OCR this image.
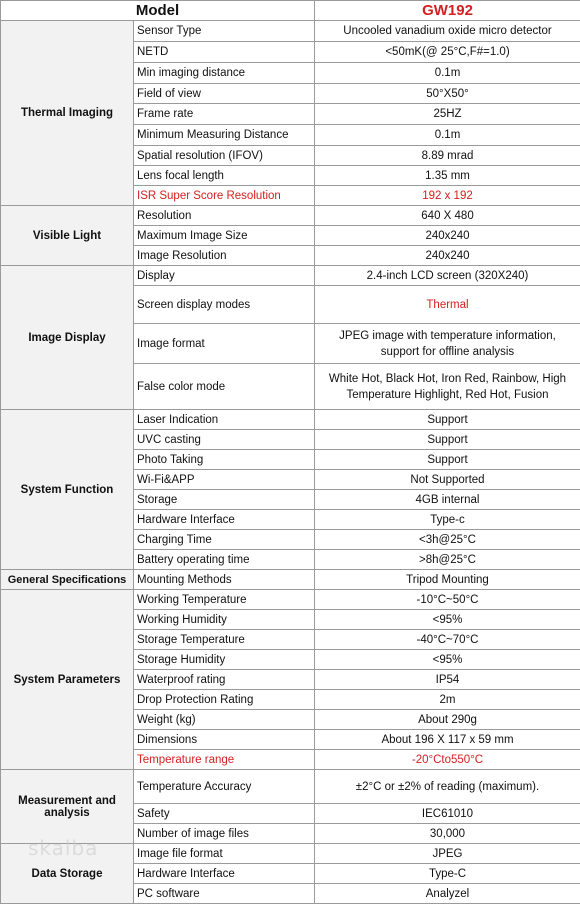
Model		GW192
Thermal Imaging	Sensor Type	Uncooled vanadium oxide micro detector
	NETD	<50mK(@ 25°C,F#=1.0)
	Min imaging distance	0.1m
	Field of view	50°X50°
	Frame rate	25HZ
	Minimum Measuring Distance	0.1m
	Spatial resolution (IFOV)	8.89 mrad
	Lens focal length	1.35 mm
	ISR Super Score Resolution	192 x 192
Visible Light	Resolution	640 X 480
	Maximum Image Size	240x240
	Image Resolution	240x240
Image Display	Display	2.4-inch LCD screen (320X240)
	Screen display modes	Thermal
	Image format	JPEG image with temperature information, support for offline analysis
	False color mode	White Hot, Black Hot, Iron Red, Rainbow, High Temperature Highlight, Red Hot, Fusion
System Function	Laser Indication	Support
	UVC casting	Support
	Photo Taking	Support
	Wi-Fi&APP	Not Supported
	Storage	4GB internal
	Hardware Interface	Type-c
	Charging Time	<3h@25°C
	Battery operating time	>8h@25°C
General Specifications	Mounting Methods	Tripod Mounting
System Parameters	Working Temperature	-10°C~50°C
	Working Humidity	<95%
	Storage Temperature	-40°C~70°C
	Storage Humidity	<95%
	Waterproof rating	IP54
	Drop Protection Rating	2m
	Weight (kg)	About 290g
	Dimensions	About 196 X 117 x 59 mm
	Temperature range	-20°Cto550°C
Measurement and analysis	Temperature Accuracy	±2°C or ±2% of reading (maximum).
	Safety	IEC61010
	Number of image files	30,000
Data Storage	Image file format	JPEG
	Hardware Interface	Type-C
	PC software	Analyzel
skalba
